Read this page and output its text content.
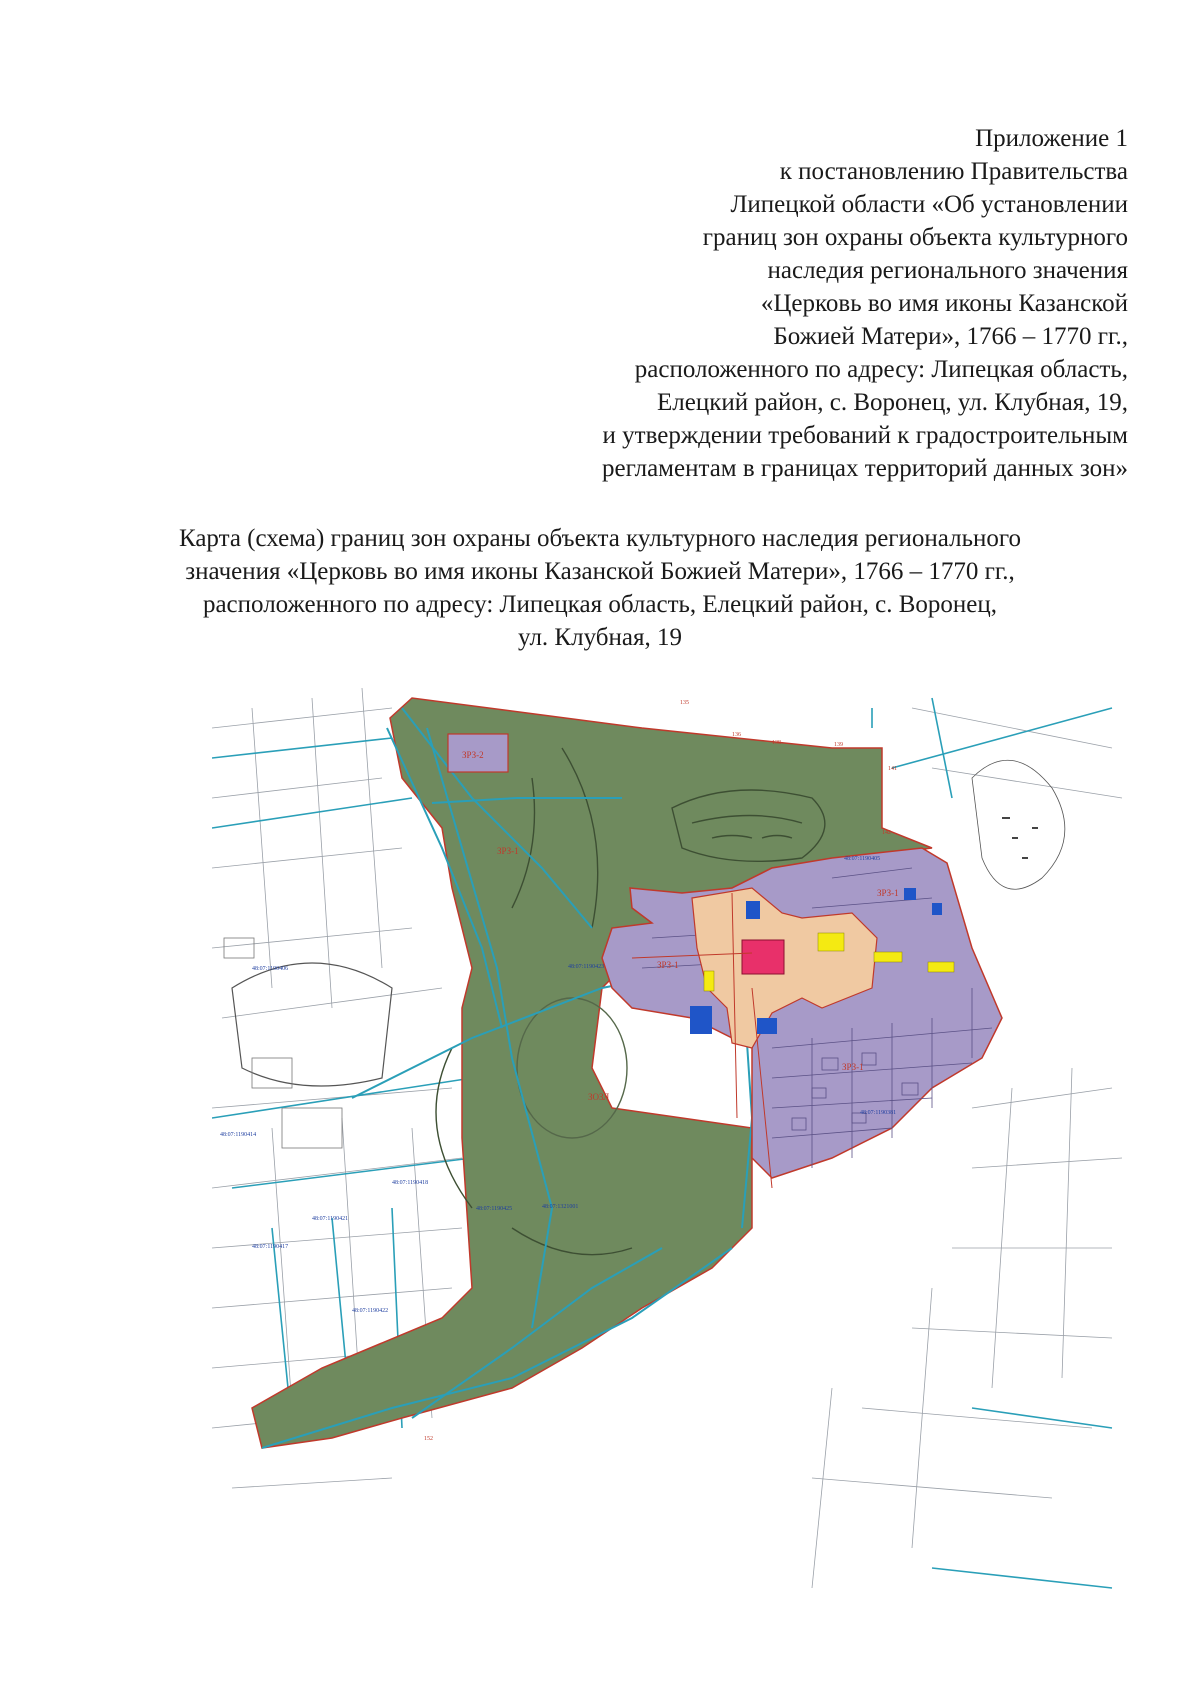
Приложение 1
к постановлению Правительства
Липецкой области «Об установлении
границ зон охраны объекта культурного
наследия регионального значения
«Церковь во имя иконы Казанской
Божией Матери», 1766 – 1770 гг.,
расположенного по адресу: Липецкая область,
Елецкий район, с. Воронец, ул. Клубная, 19,
и утверждении требований к градостроительным
регламентам в границах территорий данных зон»
Карта (схема) границ зон охраны объекта культурного наследия регионального
значения «Церковь во имя иконы Казанской Божией Матери», 1766 – 1770 гг.,
расположенного по адресу: Липецкая область, Елецкий район, с. Воронец,
ул. Клубная, 19
ЗРЗ-2
ЗРЗ-1
ЗРЗ-1
ЗРЗ-1
ЗРЗ-1
ЗОЗЛ
48:07:1190406	48:07:1190423
48:07:1190414
48:07:1190418
48:07:1190421
48:07:1190417
48:07:1190422
48:07:1190381
48:07:1190405
48:07:1321001
48:07:1190425
135
136
138	139
141
142
152
